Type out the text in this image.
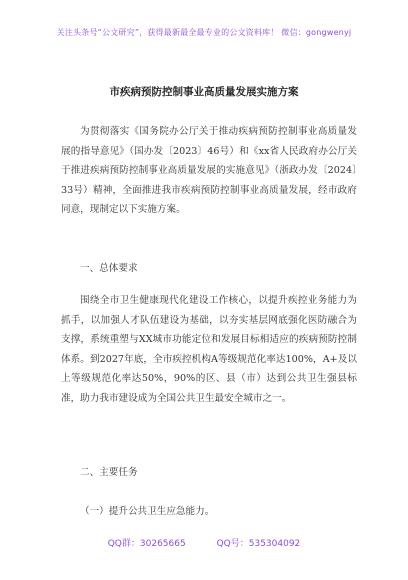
关注头条号“公文研究”，获得最新最全最专业的公文资料库！ 微信：gongwenyj
市疾病预防控制事业高质量发展实施方案
为贯彻落实《国务院办公厅关于推动疾病预防控制事业高质量发展的指导意见》（国办发〔2023〕46号）和《xx省人民政府办公厅关于推进疾病预防控制事业高质量发展的实施意见》（浙政办发〔2024〕33号）精神，全面推进我市疾病预防控制事业高质量发展，经市政府同意，现制定以下实施方案。
一、总体要求
围绕全市卫生健康现代化建设工作核心，以提升疾控业务能力为抓手，以加强人才队伍建设为基础，以夯实基层网底强化医防融合为支撑，系统重塑与XX城市功能定位和发展目标相适应的疾病预防控制体系。到2027年底，全市疾控机构A等级规范化率达100%，A+及以上等级规范化率达50%，90%的区、县（市）达到公共卫生强县标准，助力我市建设成为全国公共卫生最安全城市之一。
二、主要任务
（一）提升公共卫生应急能力。
QQ群：30265665	QQ号：535304092
